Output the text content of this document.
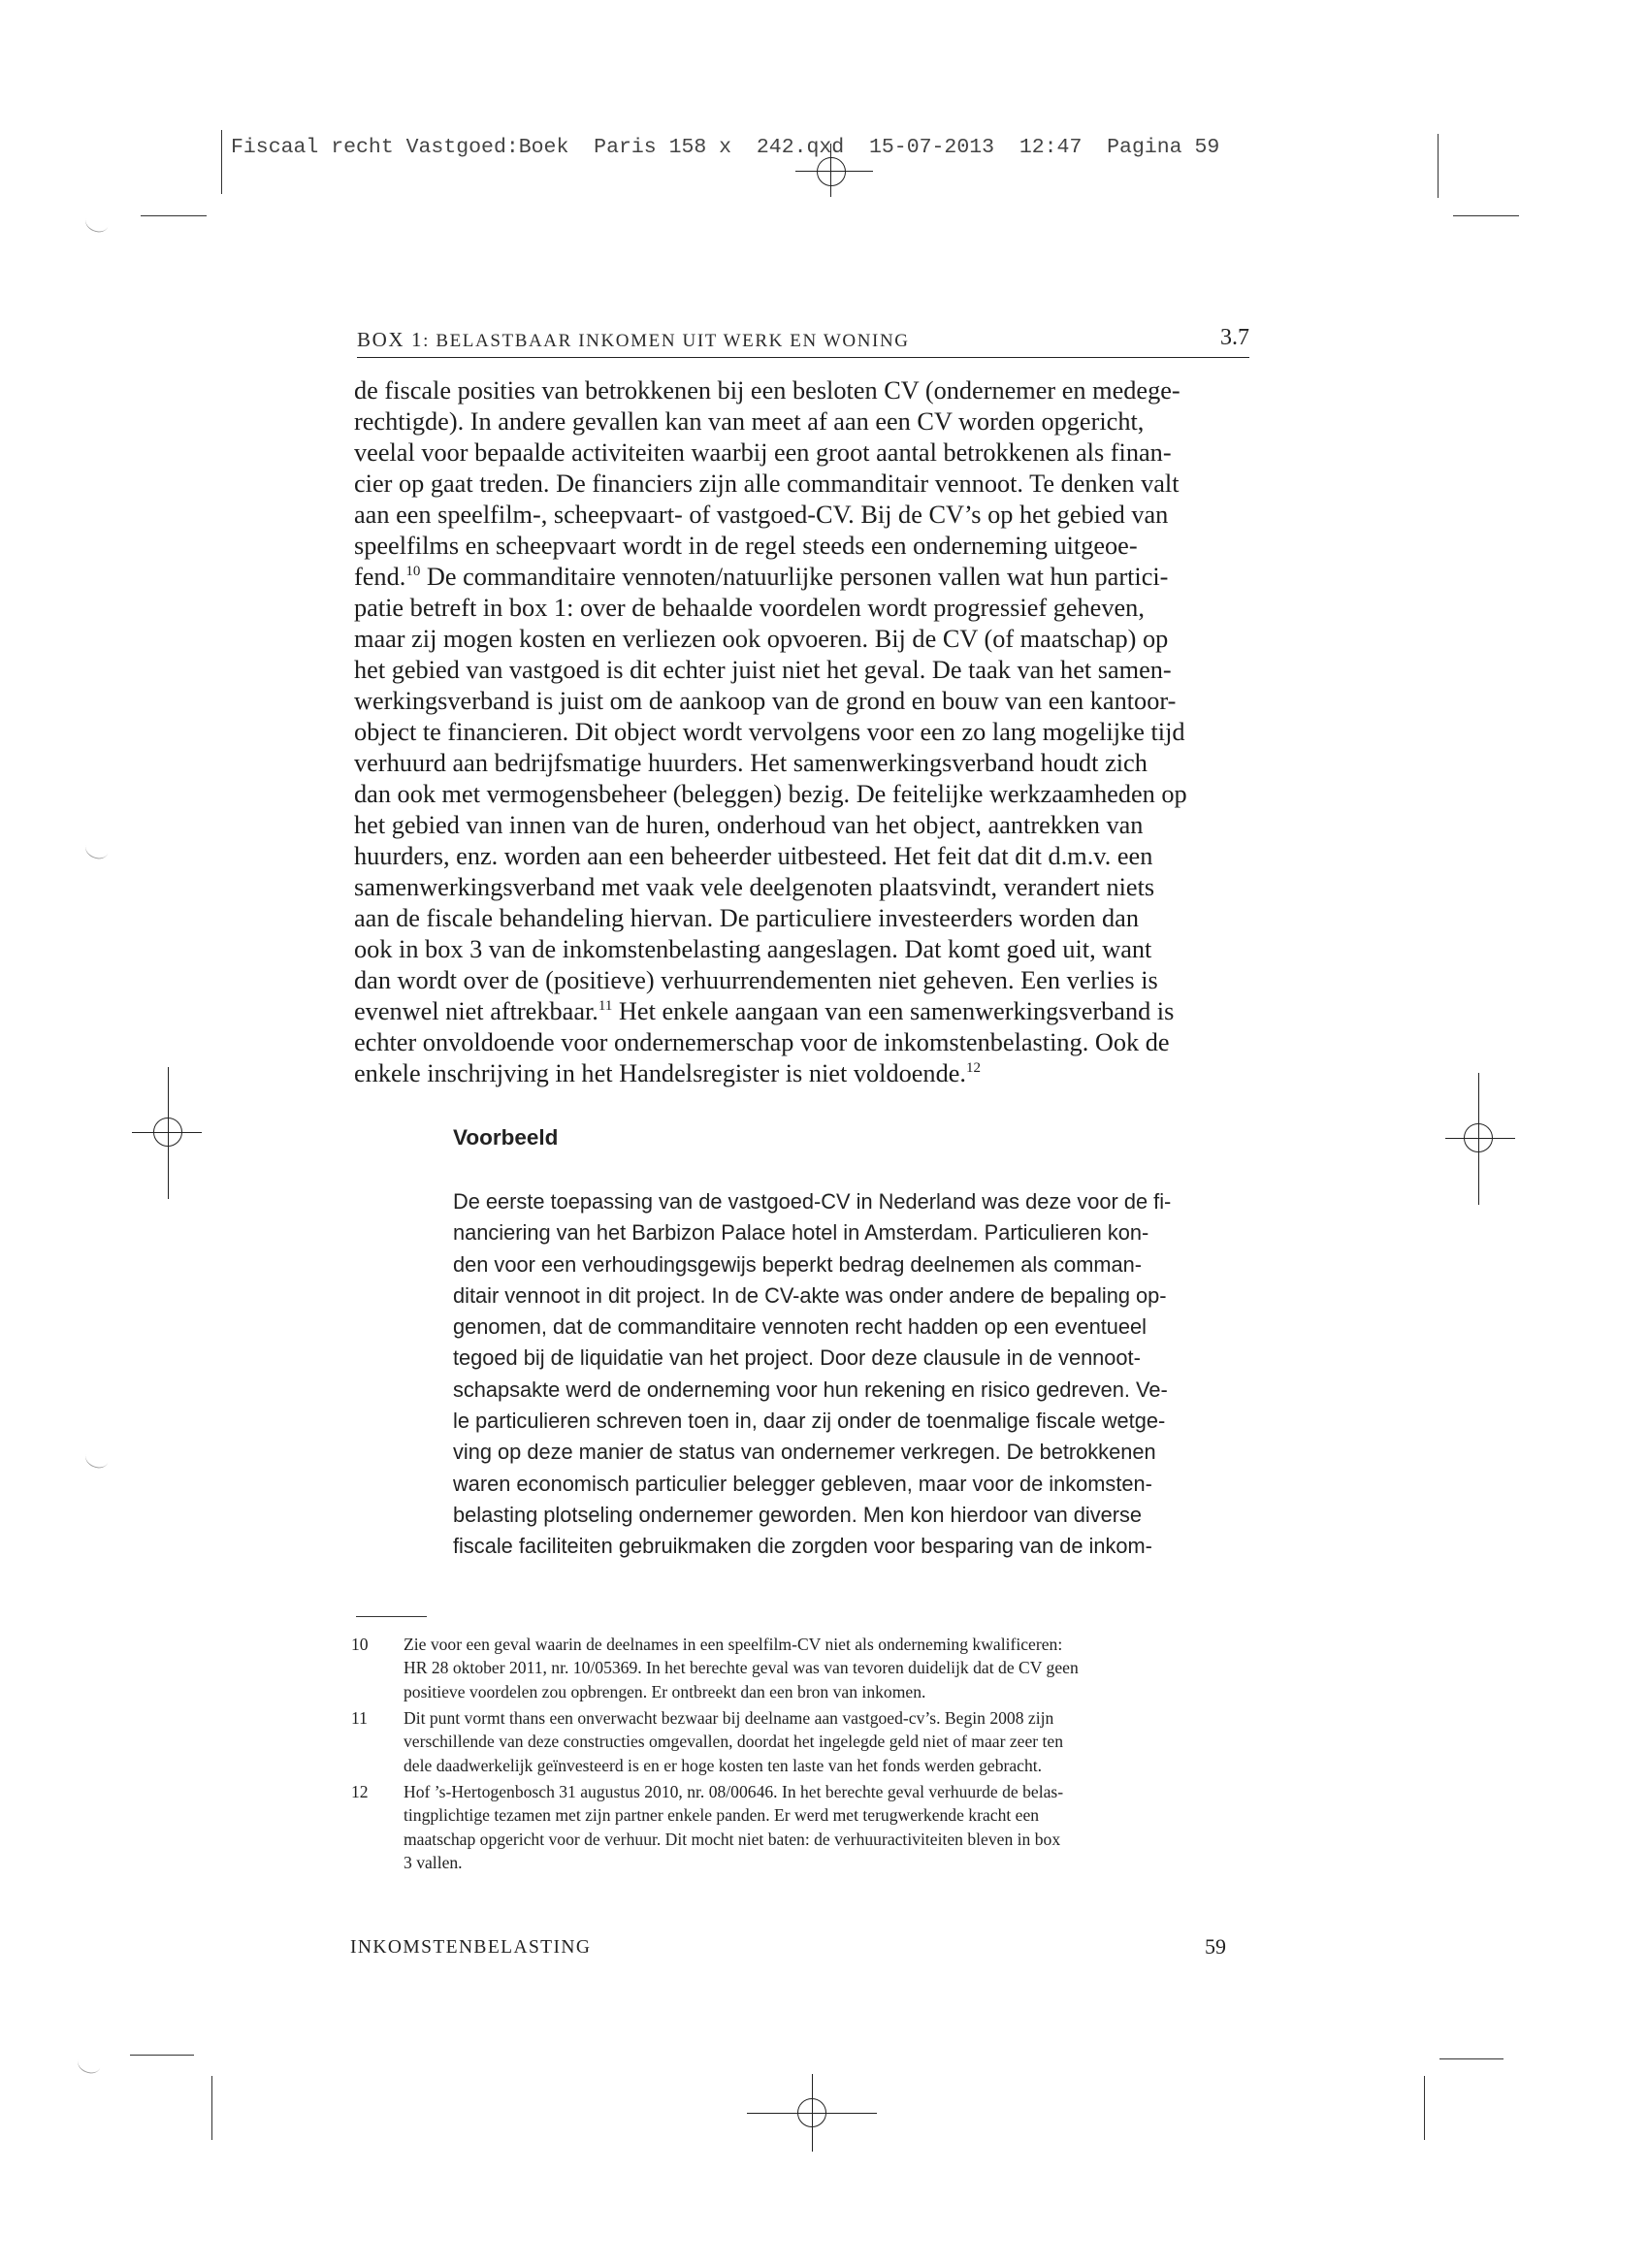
Fiscaal recht Vastgoed:Boek  Paris 158 x  242.qxd  15-07-2013  12:47  Pagina 59
BOX 1: BELASTBAAR INKOMEN UIT WERK EN WONING	3.7
de fiscale posities van betrokkenen bij een besloten CV (ondernemer en medege-
rechtigde). In andere gevallen kan van meet af aan een CV worden opgericht,
veelal voor bepaalde activiteiten waarbij een groot aantal betrokkenen als finan-
cier op gaat treden. De financiers zijn alle commanditair vennoot. Te denken valt
aan een speelfilm-, scheepvaart- of vastgoed-CV. Bij de CV’s op het gebied van
speelfilms en scheepvaart wordt in de regel steeds een onderneming uitgeoe-
fend.$^{10}$ De commanditaire vennoten/natuurlijke personen vallen wat hun partici-
patie betreft in box 1: over de behaalde voordelen wordt progressief geheven,
maar zij mogen kosten en verliezen ook opvoeren. Bij de CV (of maatschap) op
het gebied van vastgoed is dit echter juist niet het geval. De taak van het samen-
werkingsverband is juist om de aankoop van de grond en bouw van een kantoor-
object te financieren. Dit object wordt vervolgens voor een zo lang mogelijke tijd
verhuurd aan bedrijfsmatige huurders. Het samenwerkingsverband houdt zich
dan ook met vermogensbeheer (beleggen) bezig. De feitelijke werkzaamheden op
het gebied van innen van de huren, onderhoud van het object, aantrekken van
huurders, enz. worden aan een beheerder uitbesteed. Het feit dat dit d.m.v. een
samenwerkingsverband met vaak vele deelgenoten plaatsvindt, verandert niets
aan de fiscale behandeling hiervan. De particuliere investeerders worden dan
ook in box 3 van de inkomstenbelasting aangeslagen. Dat komt goed uit, want
dan wordt over de (positieve) verhuurrendementen niet geheven. Een verlies is
evenwel niet aftrekbaar.$^{11}$ Het enkele aangaan van een samenwerkingsverband is
echter onvoldoende voor ondernemerschap voor de inkomstenbelasting. Ook de
enkele inschrijving in het Handelsregister is niet voldoende.$^{12}$
Voorbeeld
De eerste toepassing van de vastgoed-CV in Nederland was deze voor de fi-
nanciering van het Barbizon Palace hotel in Amsterdam. Particulieren kon-
den voor een verhoudingsgewijs beperkt bedrag deelnemen als comman-
ditair vennoot in dit project. In de CV-akte was onder andere de bepaling op-
genomen, dat de commanditaire vennoten recht hadden op een eventueel
tegoed bij de liquidatie van het project. Door deze clausule in de vennoot-
schapsakte werd de onderneming voor hun rekening en risico gedreven. Ve-
le particulieren schreven toen in, daar zij onder de toenmalige fiscale wetge-
ving op deze manier de status van ondernemer verkregen. De betrokkenen
waren economisch particulier belegger gebleven, maar voor de inkomsten-
belasting plotseling ondernemer geworden. Men kon hierdoor van diverse
fiscale faciliteiten gebruikmaken die zorgden voor besparing van de inkom-
10	Zie voor een geval waarin de deelnames in een speelfilm-CV niet als onderneming kwalificeren:
HR 28 oktober 2011, nr. 10/05369. In het berechte geval was van tevoren duidelijk dat de CV geen
positieve voordelen zou opbrengen. Er ontbreekt dan een bron van inkomen.
11	Dit punt vormt thans een onverwacht bezwaar bij deelname aan vastgoed-cv’s. Begin 2008 zijn
verschillende van deze constructies omgevallen, doordat het ingelegde geld niet of maar zeer ten
dele daadwerkelijk geïnvesteerd is en er hoge kosten ten laste van het fonds werden gebracht.
12	Hof ’s-Hertogenbosch 31 augustus 2010, nr. 08/00646. In het berechte geval verhuurde de belas-
tingplichtige tezamen met zijn partner enkele panden. Er werd met terugwerkende kracht een
maatschap opgericht voor de verhuur. Dit mocht niet baten: de verhuuractiviteiten bleven in box
3 vallen.
INKOMSTENBELASTING	59
